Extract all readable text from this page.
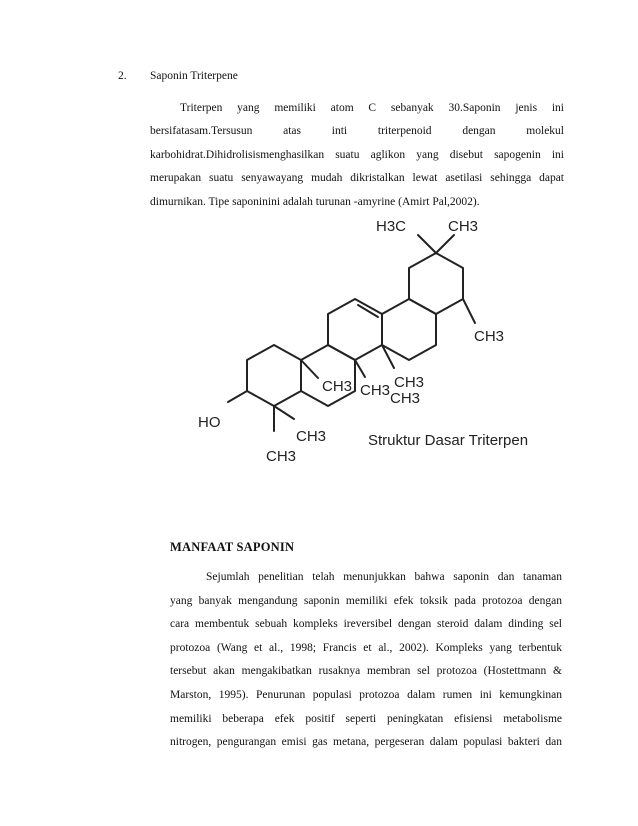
2. Saponin Triterpene
Triterpen yang memiliki atom C sebanyak 30.Saponin jenis ini
bersifatasam.Tersusun atas inti triterpenoid dengan molekul
karbohidrat.Dihidrolisismenghasilkan suatu aglikon yang disebut sapogenin ini
merupakan suatu senyawayang mudah dikristalkan lewat asetilasi sehingga dapat
dimurnikan. Tipe saponinini adalah turunan -amyrine (Amirt Pal,2002).
H3C	CH3
CH3
CH3 CH3 CH3
CH3
HO
CH3
CH3
Struktur Dasar Triterpen
MANFAAT SAPONIN
Sejumlah penelitian telah menunjukkan bahwa saponin dan tanaman
yang banyak mengandung saponin memiliki efek toksik pada protozoa dengan
cara membentuk sebuah kompleks ireversibel dengan steroid dalam dinding sel
protozoa (Wang et al., 1998; Francis et al., 2002). Kompleks yang terbentuk
tersebut akan mengakibatkan rusaknya membran sel protozoa (Hostettmann &
Marston, 1995). Penurunan populasi protozoa dalam rumen ini kemungkinan
memiliki beberapa efek positif seperti peningkatan efisiensi metabolisme
nitrogen, pengurangan emisi gas metana, pergeseran dalam populasi bakteri dan
